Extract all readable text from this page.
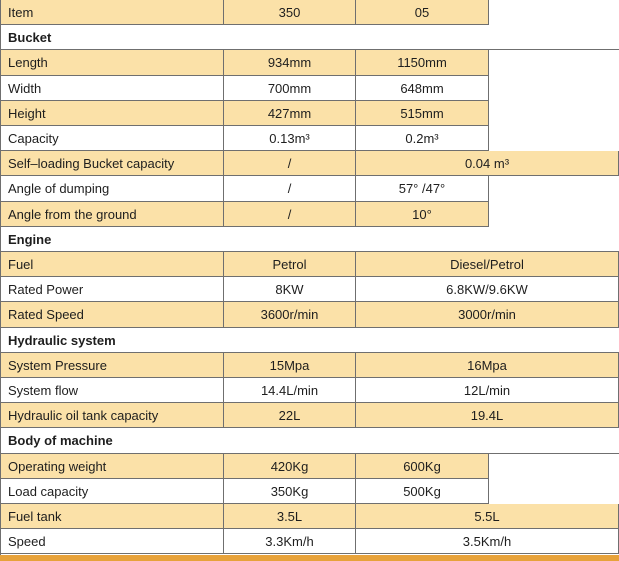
Item	350	05
Bucket
Length	934mm	1150mm
Width	700mm	648mm
Height	427mm	515mm
Capacity	0.13m³	0.2m³
Self–loading Bucket capacity	/	0.04 m³
Angle of dumping	/	57° /47°
Angle from the ground	/	10°
Engine
Fuel	Petrol	Diesel/Petrol
Rated Power	8KW	6.8KW/9.6KW
Rated Speed	3600r/min	3000r/min
Hydraulic system
System Pressure	15Mpa	16Mpa
System flow	14.4L/min	12L/min
Hydraulic oil tank capacity	22L	19.4L
Body of machine
Operating weight	420Kg	600Kg
Load capacity	350Kg	500Kg
Fuel tank	3.5L	5.5L
Speed	3.3Km/h	3.5Km/h
